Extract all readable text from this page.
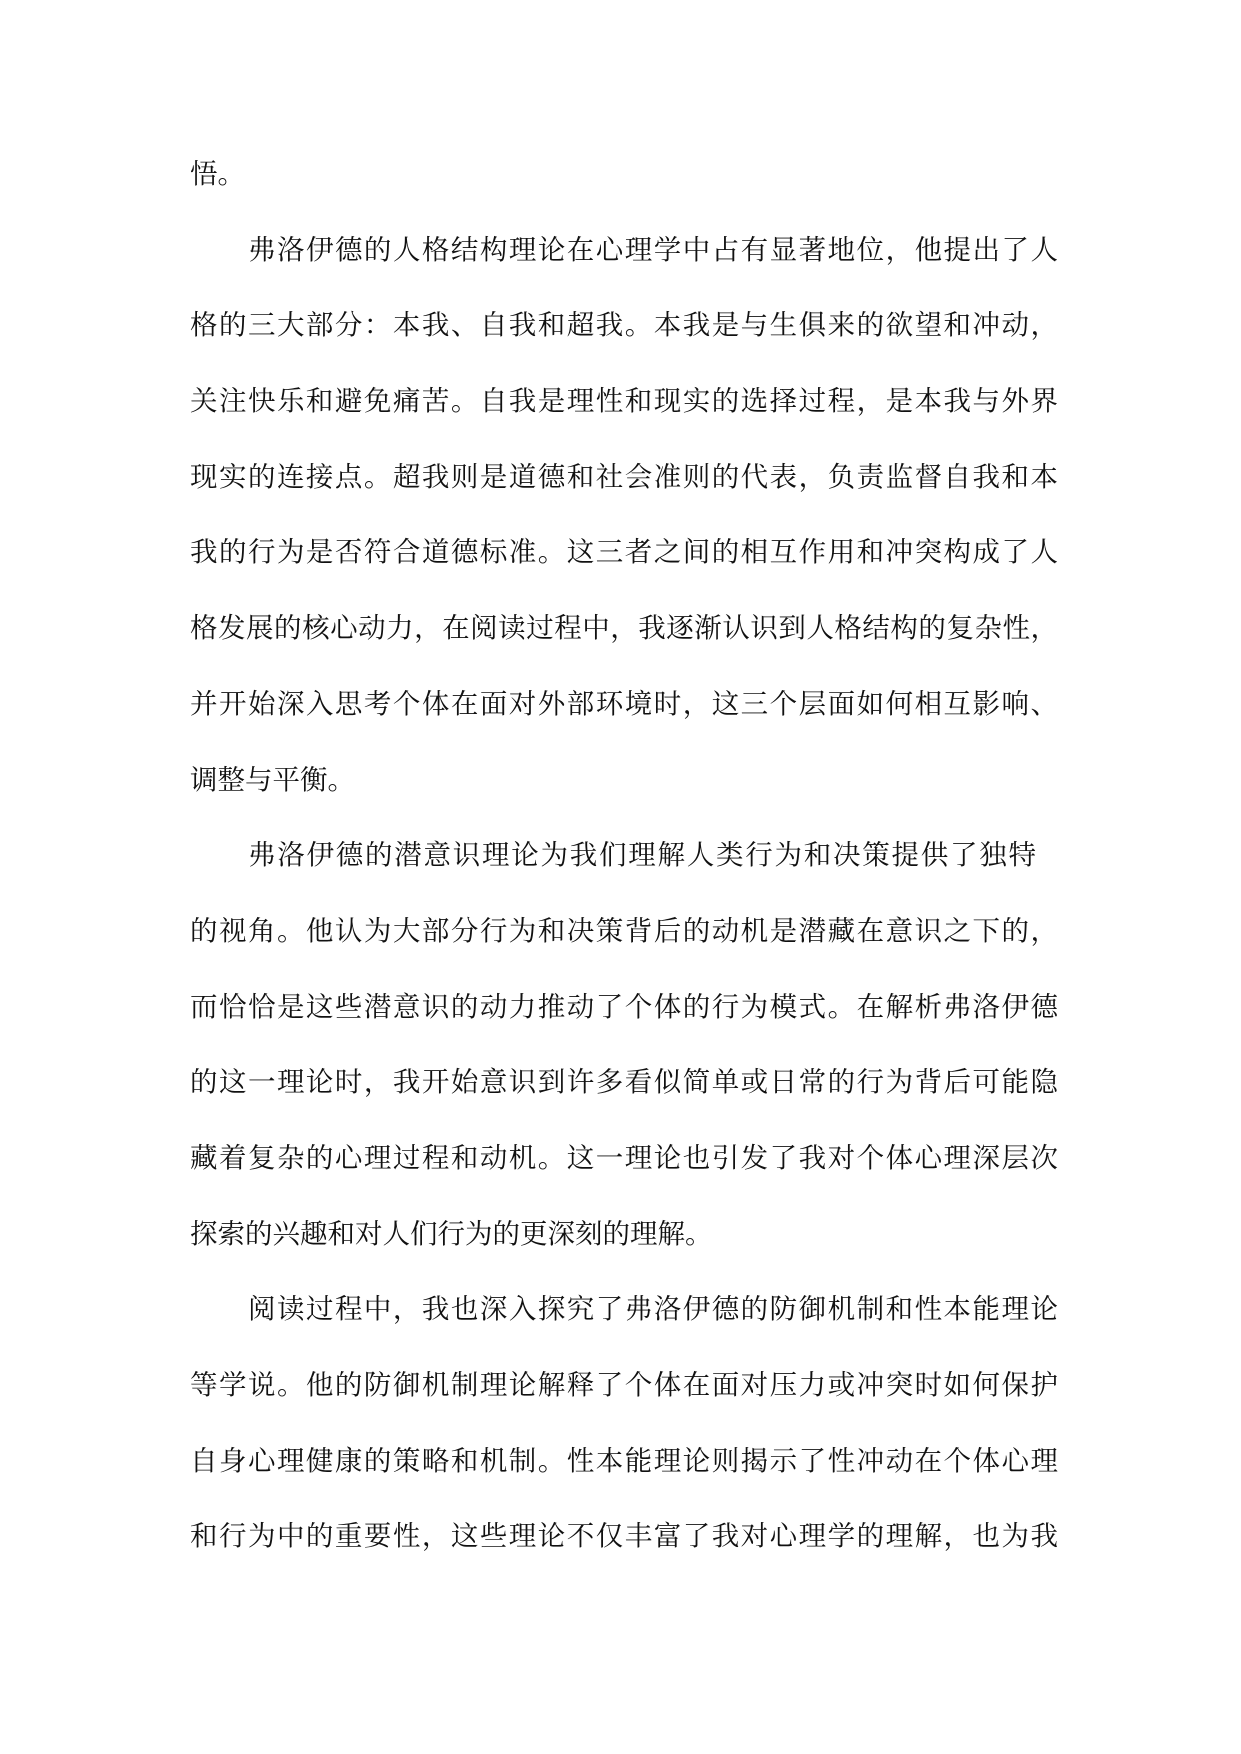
悟。
弗洛伊德的人格结构理论在心理学中占有显著地位，他提出了人
格的三大部分：本我、自我和超我。本我是与生俱来的欲望和冲动，
关注快乐和避免痛苦。自我是理性和现实的选择过程，是本我与外界
现实的连接点。超我则是道德和社会准则的代表，负责监督自我和本
我的行为是否符合道德标准。这三者之间的相互作用和冲突构成了人
格发展的核心动力，在阅读过程中，我逐渐认识到人格结构的复杂性，
并开始深入思考个体在面对外部环境时，这三个层面如何相互影响、
调整与平衡。
弗洛伊德的潜意识理论为我们理解人类行为和决策提供了独特
的视角。他认为大部分行为和决策背后的动机是潜藏在意识之下的，
而恰恰是这些潜意识的动力推动了个体的行为模式。在解析弗洛伊德
的这一理论时，我开始意识到许多看似简单或日常的行为背后可能隐
藏着复杂的心理过程和动机。这一理论也引发了我对个体心理深层次
探索的兴趣和对人们行为的更深刻的理解。
阅读过程中，我也深入探究了弗洛伊德的防御机制和性本能理论
等学说。他的防御机制理论解释了个体在面对压力或冲突时如何保护
自身心理健康的策略和机制。性本能理论则揭示了性冲动在个体心理
和行为中的重要性，这些理论不仅丰富了我对心理学的理解，也为我
